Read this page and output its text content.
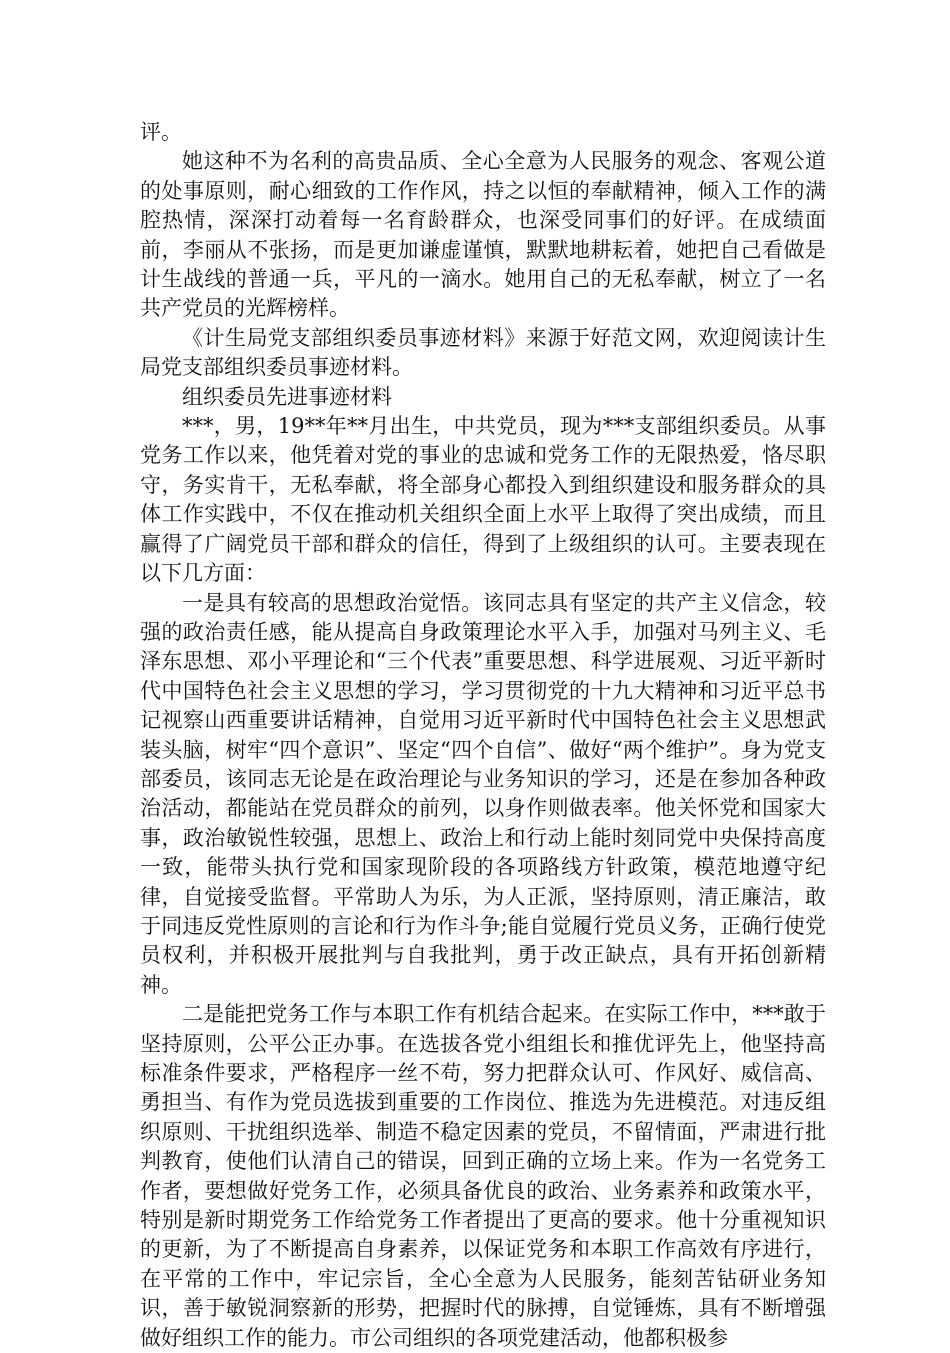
评。

她这种不为名利的高贵品质、全心全意为人民服务的观念、客观公道的处事原则，耐心细致的工作作风，持之以恒的奉献精神，倾入工作的满腔热情，深深打动着每一名育龄群众，也深受同事们的好评。在成绩面前，李丽从不张扬，而是更加谦虚谨慎，默默地耕耘着，她把自己看做是计生战线的普通一兵，平凡的一滴水。她用自己的无私奉献，树立了一名共产党员的光辉榜样。

《计生局党支部组织委员事迹材料》来源于好范文网，欢迎阅读计生局党支部组织委员事迹材料。

组织委员先进事迹材料

***，男，19**年**月出生，中共党员，现为***支部组织委员。从事党务工作以来，他凭着对党的事业的忠诚和党务工作的无限热爱，恪尽职守，务实肯干，无私奉献，将全部身心都投入到组织建设和服务群众的具体工作实践中，不仅在推动机关组织全面上水平上取得了突出成绩，而且赢得了广阔党员干部和群众的信任，得到了上级组织的认可。主要表现在以下几方面：

一是具有较高的思想政治觉悟。该同志具有坚定的共产主义信念，较强的政治责任感，能从提高自身政策理论水平入手，加强对马列主义、毛泽东思想、邓小平理论和“三个代表”重要思想、科学进展观、习近平新时代中国特色社会主义思想的学习，学习贯彻党的十九大精神和习近平总书记视察山西重要讲话精神，自觉用习近平新时代中国特色社会主义思想武装头脑，树牢“四个意识”、坚定“四个自信”、做好“两个维护”。身为党支部委员，该同志无论是在政治理论与业务知识的学习，还是在参加各种政治活动，都能站在党员群众的前列，以身作则做表率。他关怀党和国家大事，政治敏锐性较强，思想上、政治上和行动上能时刻同党中央保持高度一致，能带头执行党和国家现阶段的各项路线方针政策，模范地遵守纪律，自觉接受监督。平常助人为乐，为人正派，坚持原则，清正廉洁，敢于同违反党性原则的言论和行为作斗争;能自觉履行党员义务，正确行使党员权利，并积极开展批判与自我批判，勇于改正缺点，具有开拓创新精神。

二是能把党务工作与本职工作有机结合起来。在实际工作中，***敢于坚持原则，公平公正办事。在选拔各党小组组长和推优评先上，他坚持高标准条件要求，严格程序一丝不苟，努力把群众认可、作风好、威信高、勇担当、有作为党员选拔到重要的工作岗位、推选为先进模范。对违反组织原则、干扰组织选举、制造不稳定因素的党员，不留情面，严肃进行批判教育，使他们认清自己的错误，回到正确的立场上来。作为一名党务工作者，要想做好党务工作，必须具备优良的政治、业务素养和政策水平，特别是新时期党务工作给党务工作者提出了更高的要求。他十分重视知识的更新，为了不断提高自身素养，以保证党务和本职工作高效有序进行，在平常的工作中，牢记宗旨，全心全意为人民服务，能刻苦钻研业务知识，善于敏锐洞察新的形势，把握时代的脉搏，自觉锤炼，具有不断增强做好组织工作的能力。市公司组织的各项党建活动，他都积极参
